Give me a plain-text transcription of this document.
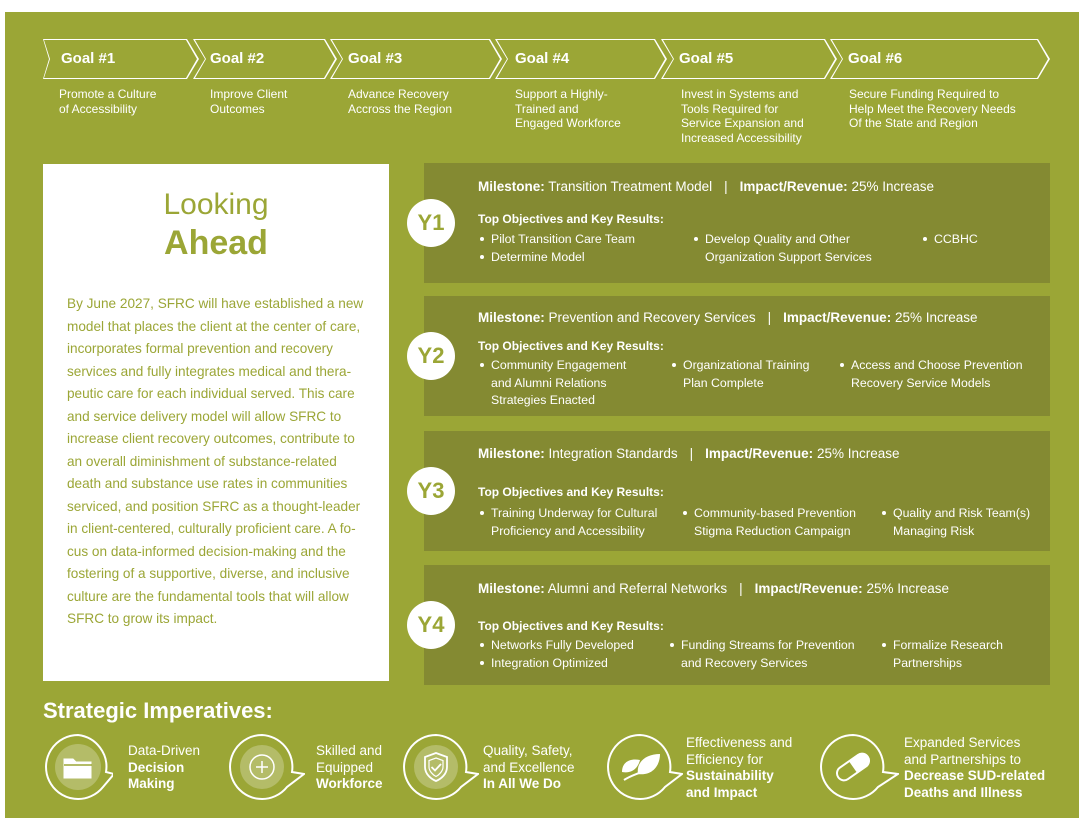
Goal #1
Promote a Culture
of Accessibility
Goal #2
Improve Client
Outcomes
Goal #3
Advance Recovery
Accross the Region
Goal #4
Support a Highly-
Trained and
Engaged Workforce
Goal #5
Invest in Systems and
Tools Required for
Service Expansion and
Increased Accessibility
Goal #6
Secure Funding Required to
Help Meet the Recovery Needs
Of the State and Region
Looking
Ahead
By June 2027, SFRC will have established a new model that places the client at the center of care, incorporates formal prevention and recovery services and fully integrates medical and thera-peutic care for each individual served. This care and service delivery model will allow SFRC to increase client recovery outcomes, contribute to an overall diminishment of substance-related death and substance use rates in communities serviced, and position SFRC as a thought-leader in client-centered, culturally proficient care. A fo-cus on data-informed decision-making and the fostering of a supportive, diverse, and inclusive culture are the fundamental tools that will allow SFRC to grow its impact.
Y1
Milestone: Transition Treatment Model | Impact/Revenue: 25% Increase
Top Objectives and Key Results:
Pilot Transition Care Team
Determine Model
Develop Quality and Other
Organization Support Services
CCBHC
Y2
Milestone: Prevention and Recovery Services | Impact/Revenue: 25% Increase
Top Objectives and Key Results:
Community Engagement
and Alumni Relations
Strategies Enacted
Organizational Training
Plan Complete
Access and Choose Prevention
Recovery Service Models
Y3
Milestone: Integration Standards | Impact/Revenue: 25% Increase
Top Objectives and Key Results:
Training Underway for Cultural
Proficiency and Accessibility
Community-based Prevention
Stigma Reduction Campaign
Quality and Risk Team(s)
Managing Risk
Y4
Milestone: Alumni and Referral Networks | Impact/Revenue: 25% Increase
Top Objectives and Key Results:
Networks Fully Developed
Integration Optimized
Funding Streams for Prevention
and Recovery Services
Formalize Research
Partnerships
Strategic Imperatives:
Data-Driven
Decision
Making
Skilled and
Equipped
Workforce
Quality, Safety,
and Excellence
In All We Do
Effectiveness and
Efficiency for
Sustainability
and Impact
Expanded Services
and Partnerships to
Decrease SUD-related
Deaths and Illness
